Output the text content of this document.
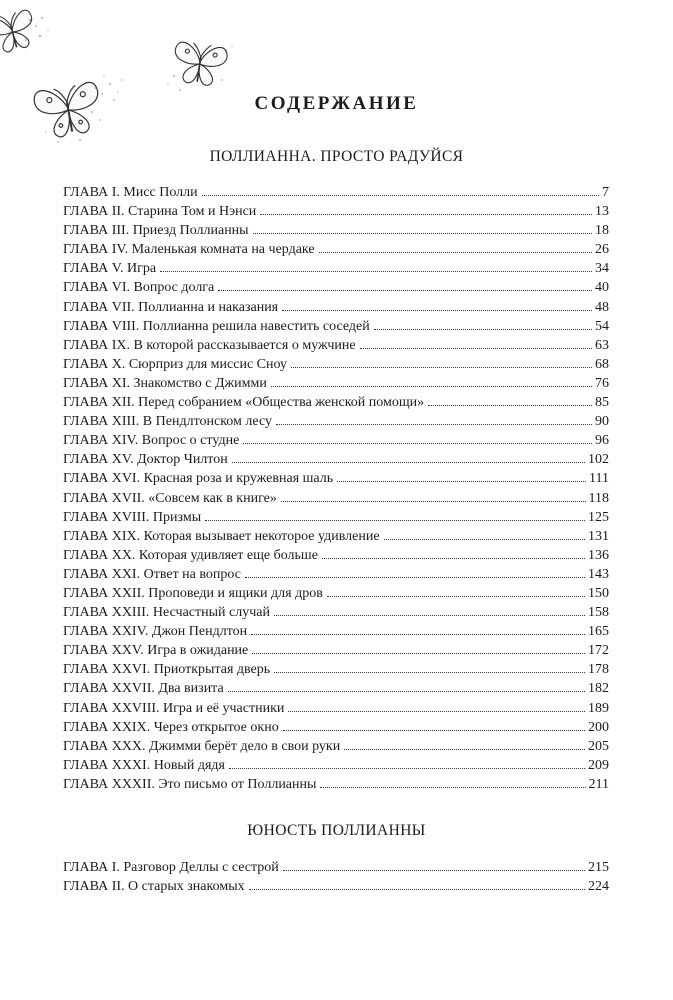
СОДЕРЖАНИЕ
ПОЛЛИАННА. ПРОСТО РАДУЙСЯ
ГЛАВА I. Мисс Полли	7
ГЛАВА II. Старина Том и Нэнси	13
ГЛАВА III. Приезд Поллианны	18
ГЛАВА IV. Маленькая комната на чердаке	26
ГЛАВА V. Игра	34
ГЛАВА VI. Вопрос долга	40
ГЛАВА VII. Поллианна и наказания	48
ГЛАВА VIII. Поллианна решила навестить соседей	54
ГЛАВА IX. В которой рассказывается о мужчине	63
ГЛАВА X. Сюрприз для миссис Сноу	68
ГЛАВА XI. Знакомство с Джимми	76
ГЛАВА XII. Перед собранием «Общества женской помощи»	85
ГЛАВА XIII. В Пендлтонском лесу	90
ГЛАВА XIV. Вопрос о студне	96
ГЛАВА XV. Доктор Чилтон	102
ГЛАВА XVI. Красная роза и кружевная шаль	111
ГЛАВА XVII. «Совсем как в книге»	118
ГЛАВА XVIII. Призмы	125
ГЛАВА XIX. Которая вызывает некоторое удивление	131
ГЛАВА XX. Которая удивляет еще больше	136
ГЛАВА XXI. Ответ на вопрос	143
ГЛАВА XXII. Проповеди и ящики для дров	150
ГЛАВА XXIII. Несчастный случай	158
ГЛАВА XXIV. Джон Пендлтон	165
ГЛАВА XXV. Игра в ожидание	172
ГЛАВА XXVI. Приоткрытая дверь	178
ГЛАВА XXVII. Два визита	182
ГЛАВА XXVIII. Игра и её участники	189
ГЛАВА XXIX. Через открытое окно	200
ГЛАВА XXX. Джимми берёт дело в свои руки	205
ГЛАВА XXXI. Новый дядя	209
ГЛАВА XXXII. Это письмо от Поллианны	211
ЮНОСТЬ ПОЛЛИАННЫ
ГЛАВА I. Разговор Деллы с сестрой	215
ГЛАВА II. О старых знакомых	224
